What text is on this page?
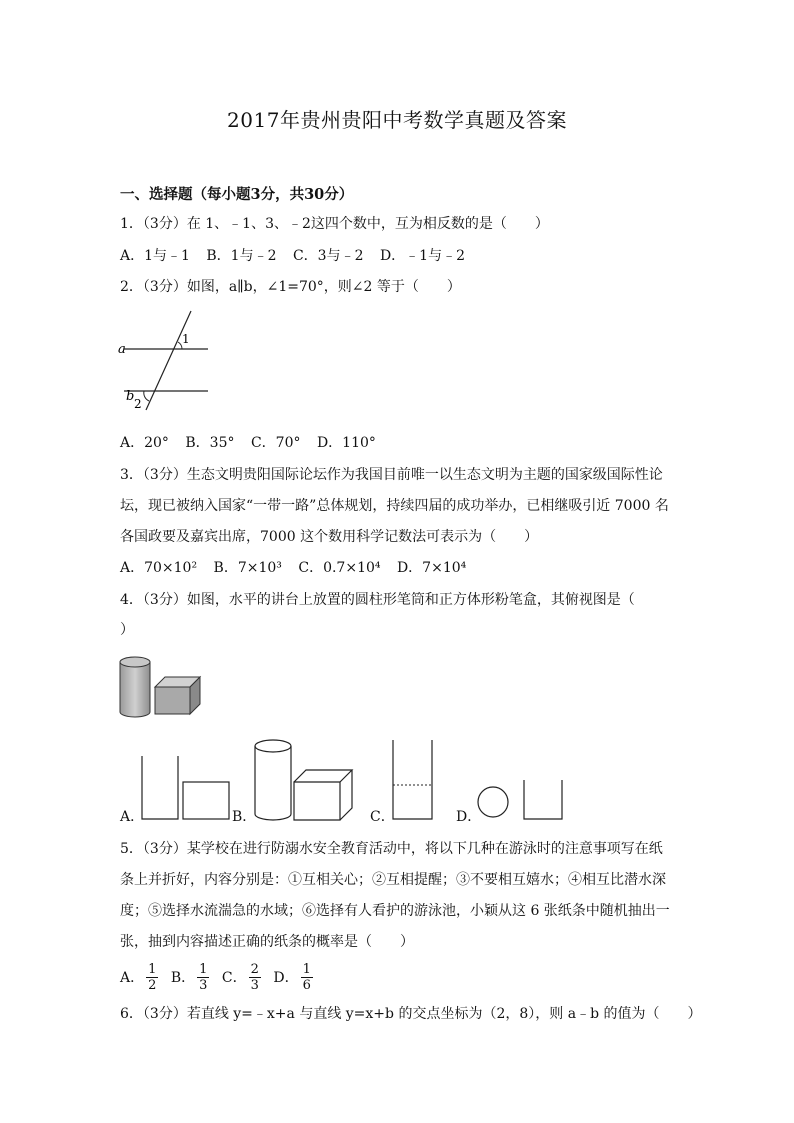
2017年贵州贵阳中考数学真题及答案
一、选择题（每小题3分，共30分）
1．（3分）在 1、﹣1、3、﹣2这四个数中，互为相反数的是（　　）
A．1与﹣1 B．1与﹣2 C．3与﹣2 D．﹣1与﹣2
2．（3分）如图，a∥b，∠1=70°，则∠2 等于（　　）
a
b
1
2
A．20° B．35° C．70° D．110°
3．（3分）生态文明贵阳国际论坛作为我国目前唯一以生态文明为主题的国家级国际性论
坛，现已被纳入国家“一带一路”总体规划，持续四届的成功举办，已相继吸引近 7000 名
各国政要及嘉宾出席，7000 这个数用科学记数法可表示为（　　）
A．70×10² B．7×10³ C．0.7×10⁴ D．7×10⁴
4．（3分）如图，水平的讲台上放置的圆柱形笔筒和正方体形粉笔盒，其俯视图是（
）
A．	B．	C．	D．
5．（3分）某学校在进行防溺水安全教育活动中，将以下几种在游泳时的注意事项写在纸
条上并折好，内容分别是：①互相关心；②互相提醒；③不要相互嬉水；④相互比潜水深
度；⑤选择水流湍急的水域；⑥选择有人看护的游泳池，小颖从这 6 张纸条中随机抽出一
张，抽到内容描述正确的纸条的概率是（　　）
A． $\frac{1}{2}$ B． $\frac{1}{3}$ C． $\frac{2}{3}$ D． $\frac{1}{6}$
6．（3分）若直线 y=﹣x+a 与直线 y=x+b 的交点坐标为（2，8），则 a﹣b 的值为（　　）
